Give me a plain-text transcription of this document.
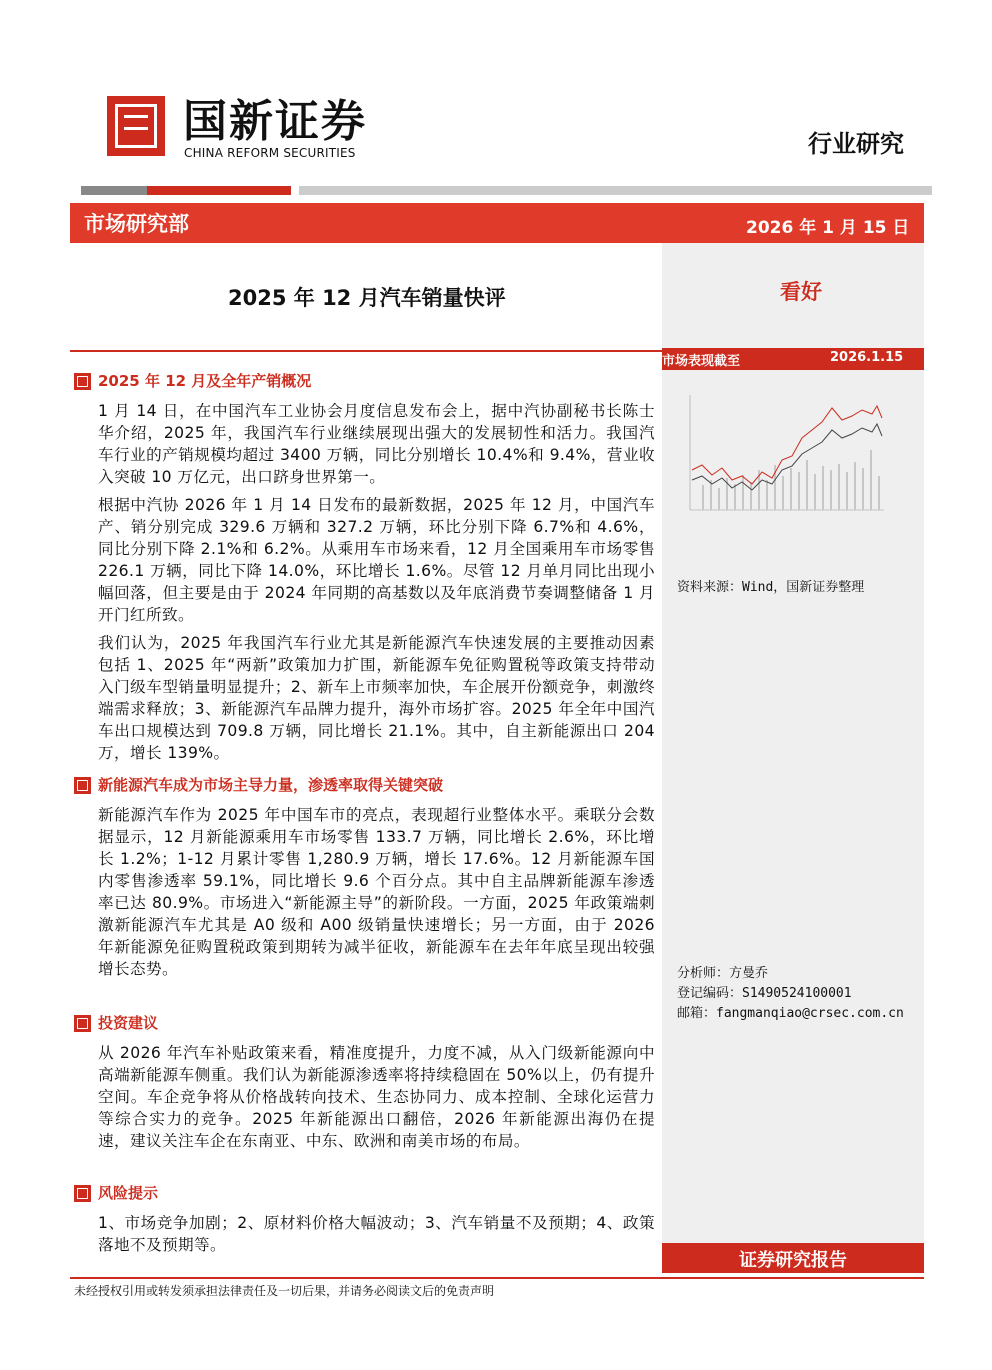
国新证券
CHINA REFORM SECURITIES	行业研究
市场研究部	2026 年 1 月 15 日
2025 年 12 月汽车销量快评	看好
市场表现截至	2026.1.15
资料来源：Wind，国新证券整理
分析师：方曼乔
登记编码：S1490524100001
邮箱：fangmanqiao@crsec.com.cn
证券研究报告
未经授权引用或转发须承担法律责任及一切后果，并请务必阅读文后的免责声明
2025 年 12 月及全年产销概况

1 月 14 日，在中国汽车工业协会月度信息发布会上，据中汽协副秘书长陈士华介绍，2025 年，我国汽车行业继续展现出强大的发展韧性和活力。我国汽车行业的产销规模均超过 3400 万辆，同比分别增长 10.4%和 9.4%，营业收入突破 10 万亿元，出口跻身世界第一。

根据中汽协 2026 年 1 月 14 日发布的最新数据，2025 年 12 月，中国汽车产、销分别完成 329.6 万辆和 327.2 万辆，环比分别下降 6.7%和 4.6%，同比分别下降 2.1%和 6.2%。从乘用车市场来看，12 月全国乘用车市场零售 226.1 万辆，同比下降 14.0%，环比增长 1.6%。尽管 12 月单月同比出现小幅回落，但主要是由于 2024 年同期的高基数以及年底消费节奏调整储备 1 月开门红所致。

我们认为，2025 年我国汽车行业尤其是新能源汽车快速发展的主要推动因素包括 1、2025 年“两新”政策加力扩围，新能源车免征购置税等政策支持带动入门级车型销量明显提升；2、新车上市频率加快，车企展开份额竞争，刺激终端需求释放；3、新能源汽车品牌力提升，海外市场扩容。2025 年全年中国汽车出口规模达到 709.8 万辆，同比增长 21.1%。其中，自主新能源出口 204 万，增长 139%。

新能源汽车成为市场主导力量，渗透率取得关键突破

新能源汽车作为 2025 年中国车市的亮点，表现超行业整体水平。乘联分会数据显示，12 月新能源乘用车市场零售 133.7 万辆，同比增长 2.6%，环比增长 1.2%；1-12 月累计零售 1,280.9 万辆，增长 17.6%。12 月新能源车国内零售渗透率 59.1%，同比增长 9.6 个百分点。其中自主品牌新能源车渗透率已达 80.9%。市场进入“新能源主导”的新阶段。一方面，2025 年政策端刺激新能源汽车尤其是 A0 级和 A00 级销量快速增长；另一方面，由于 2026 年新能源免征购置税政策到期转为减半征收，新能源车在去年年底呈现出较强增长态势。

投资建议

从 2026 年汽车补贴政策来看，精准度提升，力度不减，从入门级新能源向中高端新能源车侧重。我们认为新能源渗透率将持续稳固在 50%以上，仍有提升空间。车企竞争将从价格战转向技术、生态协同力、成本控制、全球化运营力等综合实力的竞争。2025 年新能源出口翻倍，2026 年新能源出海仍在提速，建议关注车企在东南亚、中东、欧洲和南美市场的布局。

风险提示

1、市场竞争加剧；2、原材料价格大幅波动；3、汽车销量不及预期；4、政策落地不及预期等。
